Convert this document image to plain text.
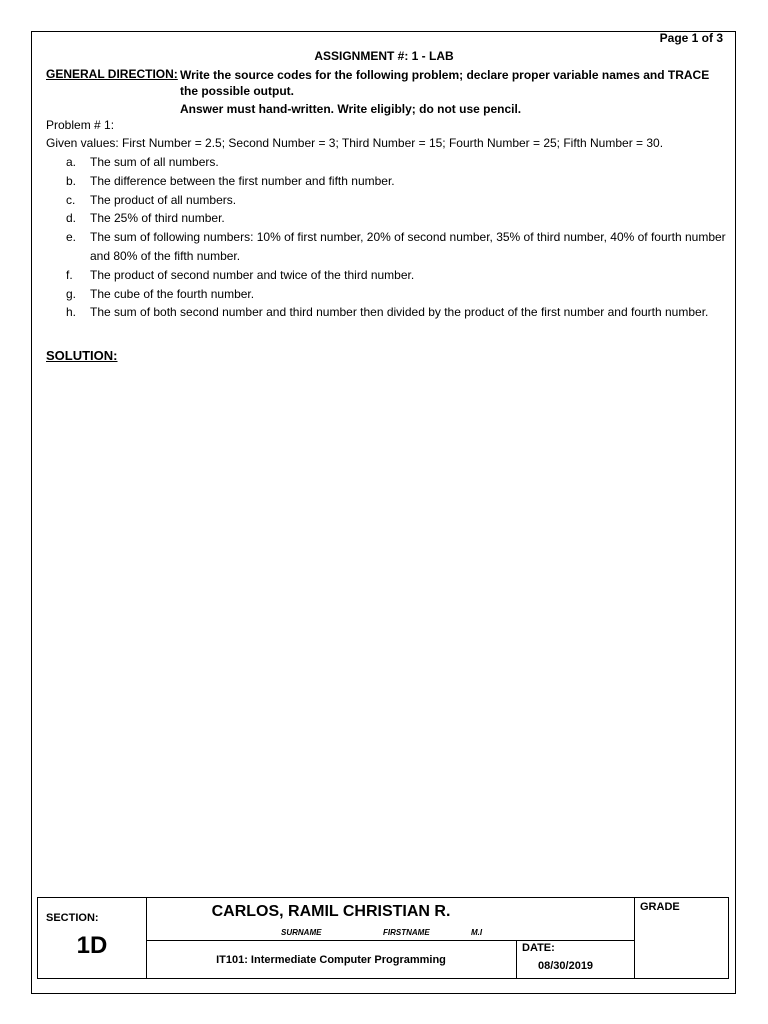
Page 1 of 3
ASSIGNMENT #: 1 - LAB
GENERAL DIRECTION: Write the source codes for the following problem; declare proper variable names and TRACE the possible output.
Answer must hand-written. Write eligibly; do not use pencil.
Problem # 1:
Given values: First Number = 2.5; Second Number = 3; Third Number = 15; Fourth Number = 25; Fifth Number = 30.
a. The sum of all numbers.
b. The difference between the first number and fifth number.
c. The product of all numbers.
d. The 25% of third number.
e. The sum of following numbers: 10% of first number, 20% of second number, 35% of third number, 40% of fourth number and 80% of the fifth number.
f. The product of second number and twice of the third number.
g. The cube of the fourth number.
h. The sum of both second number and third number then divided by the product of the first number and fourth number.
SOLUTION:
SECTION:
1D
CARLOS, RAMIL CHRISTIAN R.
SURNAME	FIRSTNAME	M.I
IT101: Intermediate Computer Programming
DATE:
08/30/2019
GRADE
